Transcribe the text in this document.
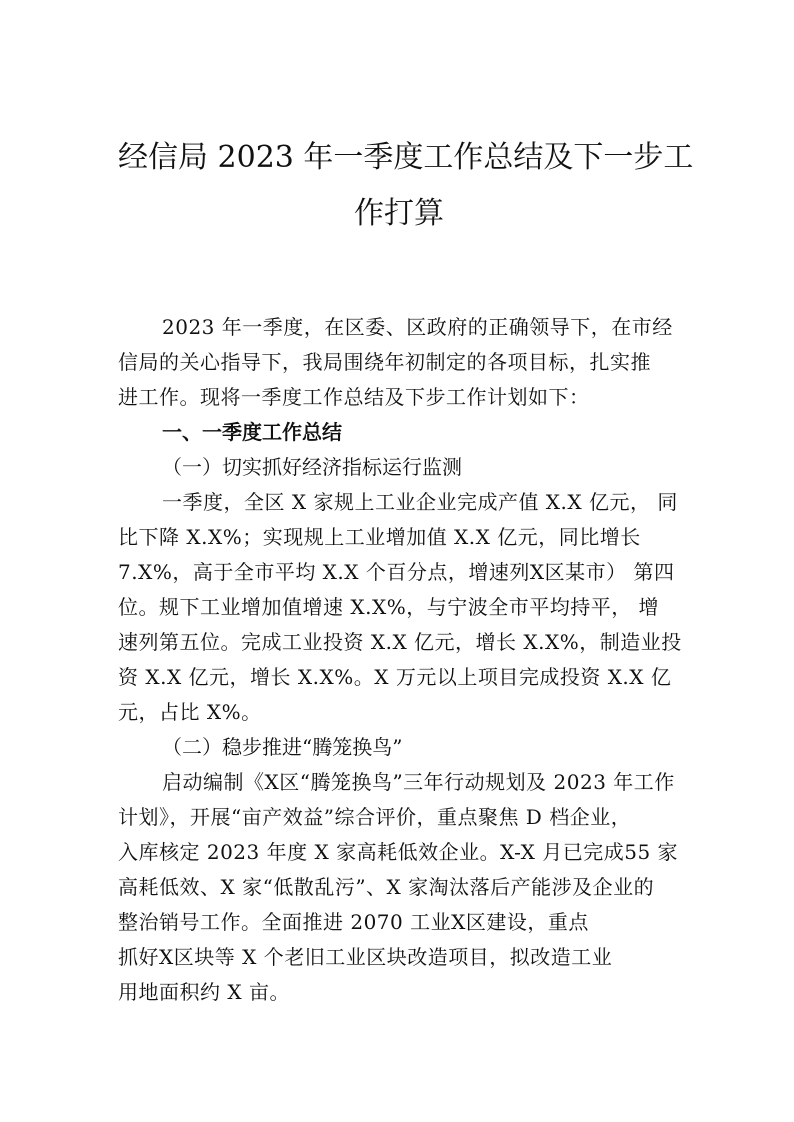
经信局 2023 年一季度工作总结及下一步工
作打算
2023 年一季度，在区委、区政府的正确领导下，在市经
信局的关心指导下，我局围绕年初制定的各项目标，扎实推
进工作。现将一季度工作总结及下步工作计划如下：
一、一季度工作总结
（一）切实抓好经济指标运行监测
一季度，全区 X 家规上工业企业完成产值 X.X 亿元， 同
比下降 X.X%；实现规上工业增加值 X.X 亿元，同比增长
7.X%，高于全市平均 X.X 个百分点，增速列X区某市） 第四
位。规下工业增加值增速 X.X%，与宁波全市平均持平， 增
速列第五位。完成工业投资 X.X 亿元，增长 X.X%，制造业投
资 X.X 亿元，增长 X.X%。X 万元以上项目完成投资 X.X 亿
元，占比 X%。
（二）稳步推进“腾笼换鸟”
启动编制《X区“腾笼换鸟”三年行动规划及 2023 年工作
计划》，开展“亩产效益”综合评价，重点聚焦 D 档企业，
入库核定 2023 年度 X 家高耗低效企业。X-X 月已完成55 家
高耗低效、X 家“低散乱污”、X 家淘汰落后产能涉及企业的
整治销号工作。全面推进 2070 工业X区建设，重点
抓好X区块等 X 个老旧工业区块改造项目，拟改造工业
用地面积约 X 亩。
